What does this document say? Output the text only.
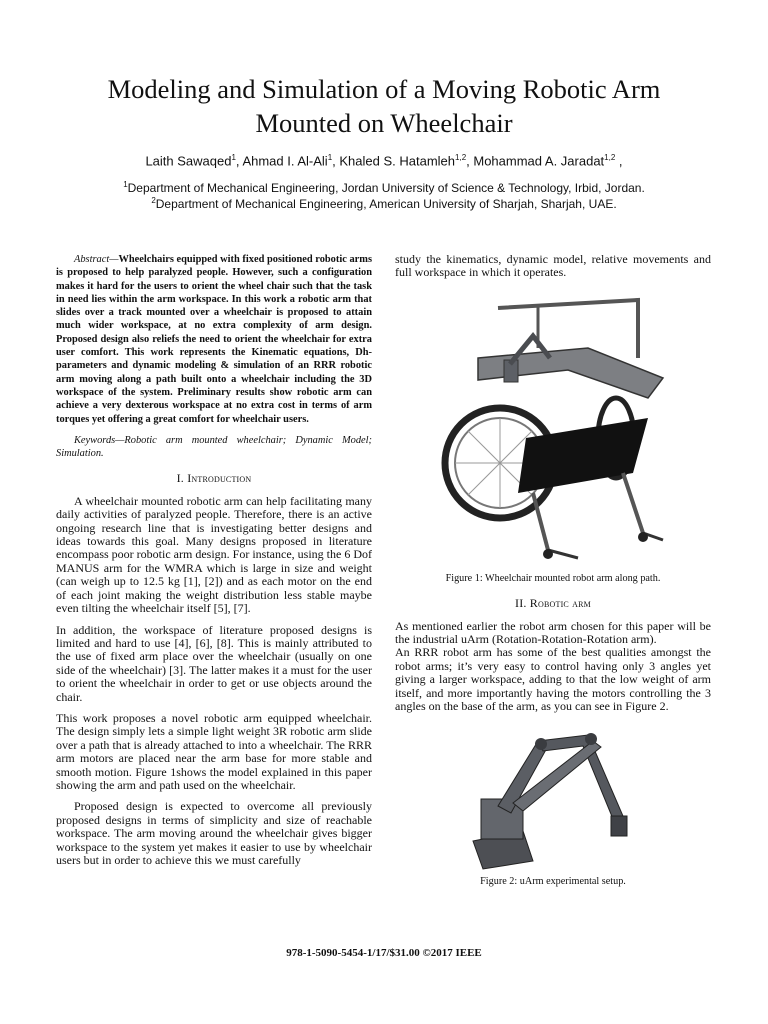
Modeling and Simulation of a Moving Robotic Arm
Mounted on Wheelchair
Laith Sawaqed$^1$, Ahmad I. Al-Ali$^1$, Khaled S. Hatamleh$^{1,2}$, Mohammad A. Jaradat$^{1,2}$ ,
$^1$Department of Mechanical Engineering, Jordan University of Science & Technology, Irbid, Jordan.
$^2$Department of Mechanical Engineering, American University of Sharjah, Sharjah, UAE.

Abstract—Wheelchairs equipped with fixed positioned robotic arms is proposed to help paralyzed people. However, such a configuration makes it hard for the users to orient the wheel chair such that the task in need lies within the arm workspace. In this work a robotic arm that slides over a track mounted over a wheelchair is proposed to attain much wider workspace, at no extra complexity of arm design. Proposed design also reliefs the need to orient the wheelchair for extra user comfort. This work represents the Kinematic equations, Dh-parameters and dynamic modeling & simulation of an RRR robotic arm moving along a path built onto a wheelchair including the 3D workspace of the system. Preliminary results show robotic arm can achieve a very dexterous workspace at no extra cost in terms of arm torques yet offering a great comfort for wheelchair users.

Keywords—Robotic arm mounted wheelchair; Dynamic Model; Simulation.

I. Introduction

A wheelchair mounted robotic arm can help facilitating many daily activities of paralyzed people. Therefore, there is an active ongoing research line that is investigating better designs and ideas towards this goal. Many designs proposed in literature encompass poor robotic arm design. For instance, using the 6 Dof MANUS arm for the WMRA which is large in size and weight (can weigh up to 12.5 kg [1], [2]) and as each motor on the end of each joint making the weight distribution less stable maybe even tilting the wheelchair itself [5], [7].

In addition, the workspace of literature proposed designs is limited and hard to use [4], [6], [8]. This is mainly attributed to the use of fixed arm place over the wheelchair (usually on one side of the wheelchair) [3]. The latter makes it a must for the user to orient the wheelchair in order to get or use objects around the chair.

This work proposes a novel robotic arm equipped wheelchair. The design simply lets a simple light weight 3R robotic arm slide over a path that is already attached to into a wheelchair. The RRR arm motors are placed near the arm base for more stable and smooth motion. Figure 1shows the model explained in this paper showing the arm and path used on the wheelchair.

Proposed design is expected to overcome all previously proposed designs in terms of simplicity and size of reachable workspace. The arm moving around the wheelchair gives bigger workspace to the system yet makes it easier to use by wheelchair users but in order to achieve this we must carefully

study the kinematics, dynamic model, relative movements and full workspace in which it operates.

Figure 1: Wheelchair mounted robot arm along path.
II. Robotic arm

As mentioned earlier the robot arm chosen for this paper will be the industrial uArm (Rotation-Rotation-Rotation arm).

An RRR robot arm has some of the best qualities amongst the robot arms; it’s very easy to control having only 3 angles yet giving a larger workspace, adding to that the low weight of arm itself, and more importantly having the motors controlling the 3 angles on the base of the arm, as you can see in Figure 2.

Figure 2: uArm experimental setup.
978-1-5090-5454-1/17/$31.00 ©2017 IEEE
